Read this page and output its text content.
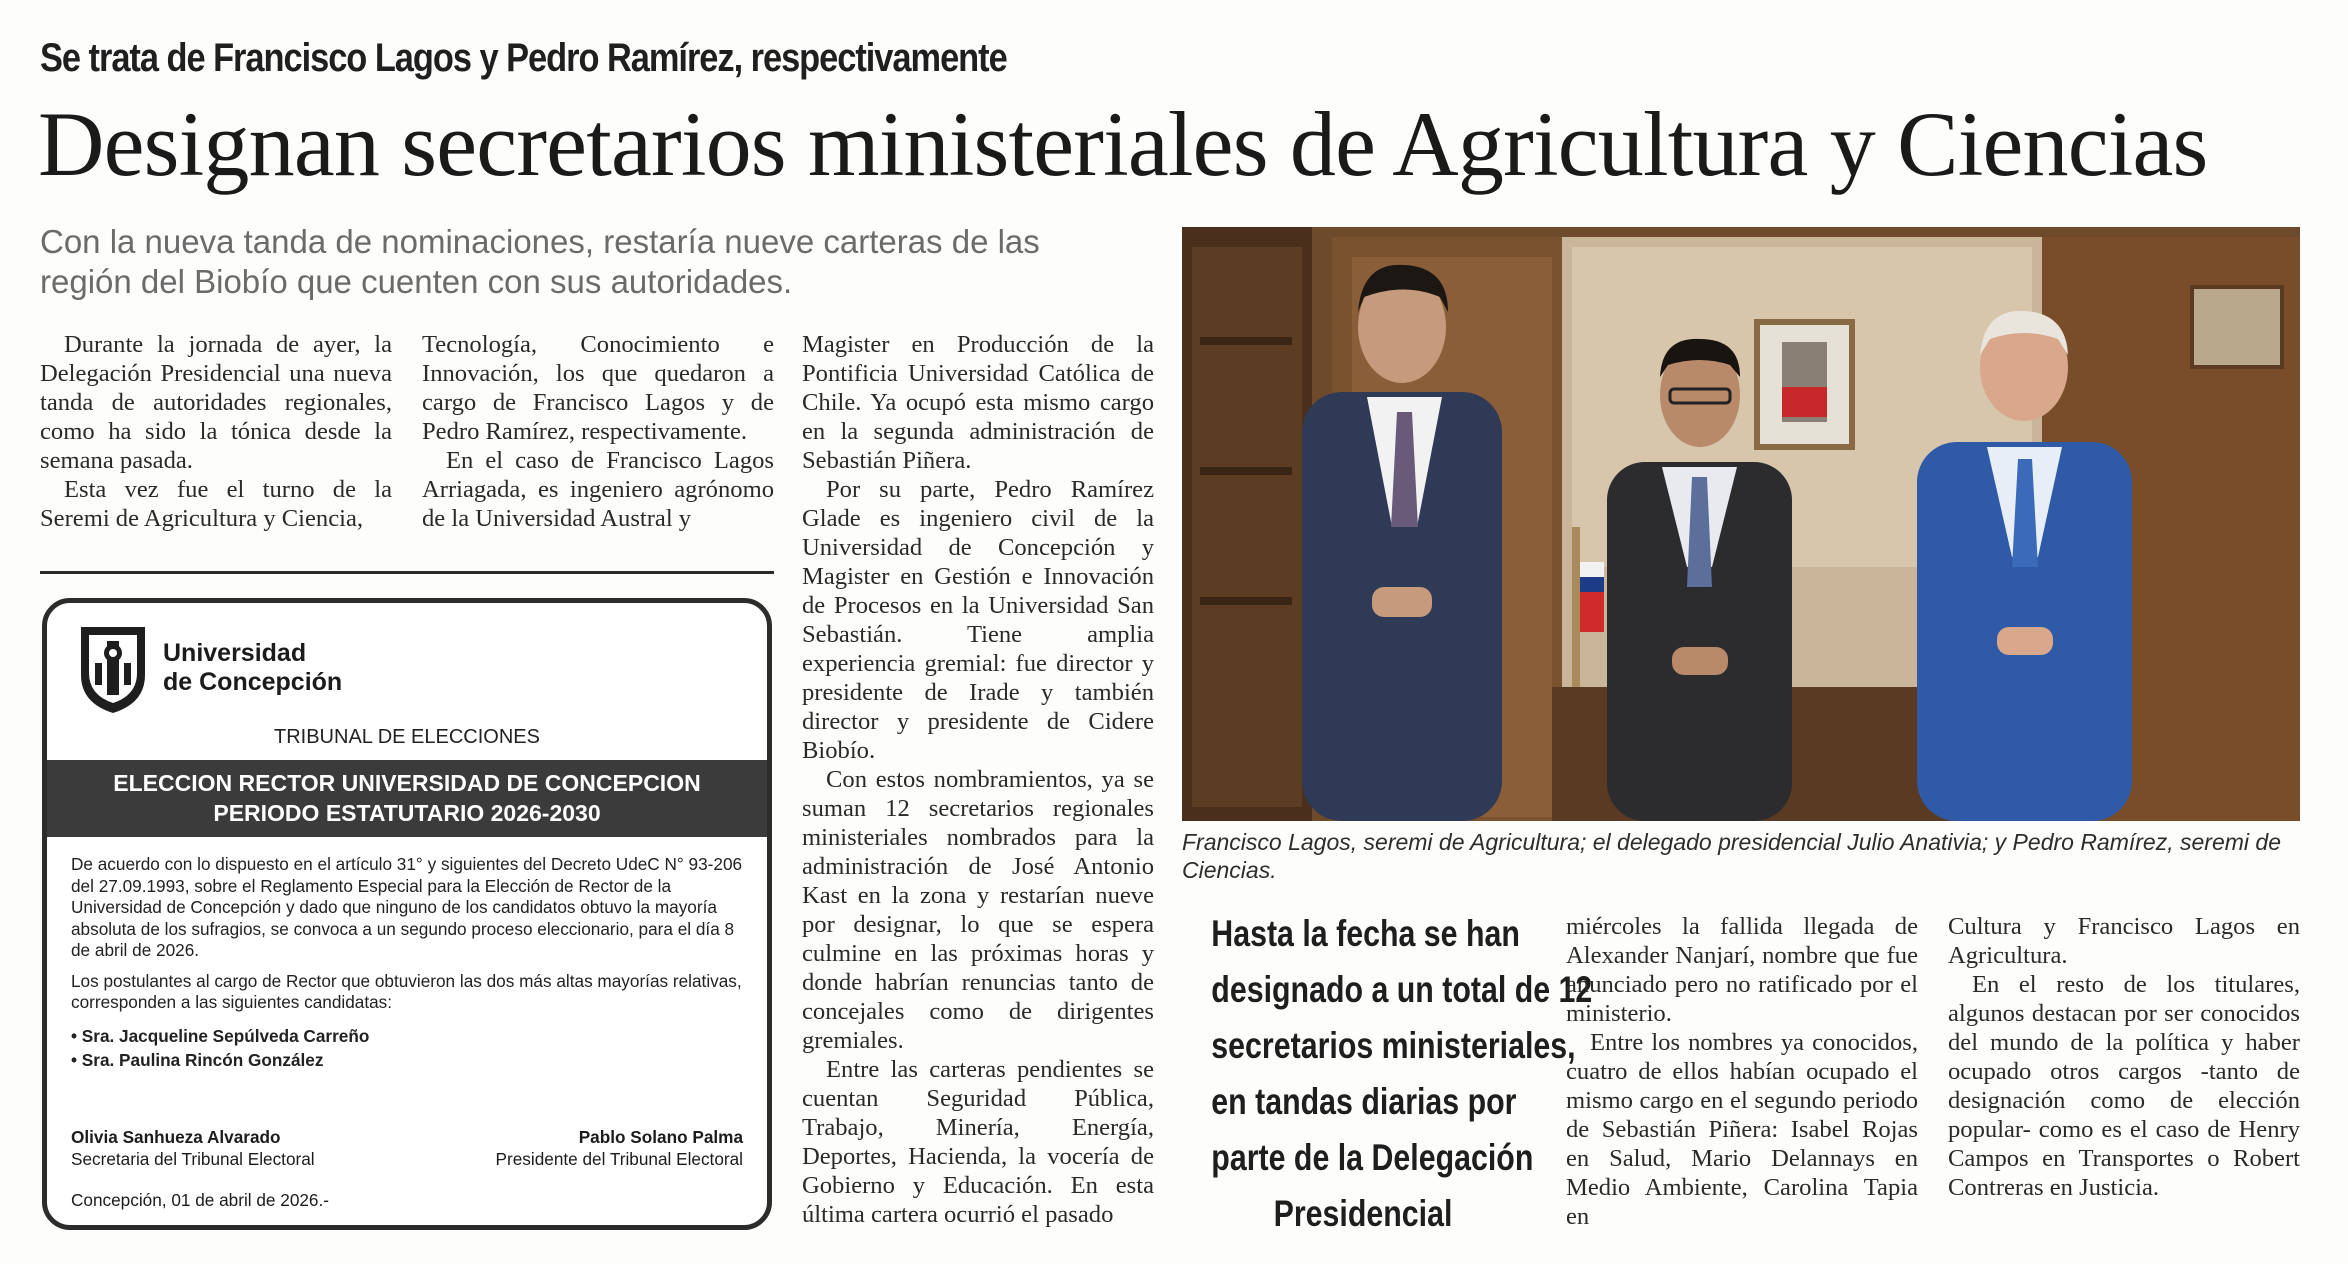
Se trata de Francisco Lagos y Pedro Ramírez, respectivamente
Designan secretarios ministeriales de Agricultura y Ciencias
Con la nueva tanda de nominaciones, restaría nueve carteras de las región del Biobío que cuenten con sus autoridades.

Durante la jornada de ayer, la Delegación Presidencial una nueva tanda de autoridades regionales, como ha sido la tónica desde la semana pasada.

Esta vez fue el turno de la Seremi de Agricultura y Ciencia,

Tecnología, Conocimiento e Innovación, los que quedaron a cargo de Francisco Lagos y de Pedro Ramírez, respectivamente.

En el caso de Francisco Lagos Arriagada, es ingeniero agrónomo de la Universidad Austral y

Magister en Producción de la Pontificia Universidad Católica de Chile. Ya ocupó esta mismo cargo en la segunda administración de Sebastián Piñera.

Por su parte, Pedro Ramírez Glade es ingeniero civil de la Universidad de Concepción y Magister en Gestión e Innovación de Procesos en la Universidad San Sebastián. Tiene amplia experiencia gremial: fue director y presidente de Irade y también director y presidente de Cidere Biobío.

Con estos nombramientos, ya se suman 12 secretarios regionales ministeriales nombrados para la administración de José Antonio Kast en la zona y restarían nueve por designar, lo que se espera culmine en las próximas horas y donde habrían renuncias tanto de concejales como de dirigentes gremiales.

Entre las carteras pendientes se cuentan Seguridad Pública, Trabajo, Minería, Energía, Deportes, Hacienda, la vocería de Gobierno y Educación. En esta última cartera ocurrió el pasado

Universidad
de Concepción
TRIBUNAL DE ELECCIONES
ELECCION RECTOR UNIVERSIDAD DE CONCEPCION
PERIODO ESTATUTARIO 2026-2030

De acuerdo con lo dispuesto en el artículo 31° y siguientes del Decreto UdeC N° 93-206 del 27.09.1993, sobre el Reglamento Especial para la Elección de Rector de la Universidad de Concepción y dado que ninguno de los candidatos obtuvo la mayoría absoluta de los sufragios, se convoca a un segundo proceso eleccionario, para el día 8 de abril de 2026.

Los postulantes al cargo de Rector que obtuvieron las dos más altas mayorías relativas, corresponden a las siguientes candidatas:

• Sra. Jacqueline Sepúlveda Carreño
• Sra. Paulina Rincón González
Olivia Sanhueza Alvarado
Secretaria del Tribunal Electoral
Pablo Solano Palma
Presidente del Tribunal Electoral
Concepción, 01 de abril de 2026.-
Francisco Lagos, seremi de Agricultura; el delegado presidencial Julio Anativia; y Pedro Ramírez, seremi de Ciencias.
Hasta la fecha se han
designado a un total de 12
secretarios ministeriales,
en tandas diarias por
parte de la Delegación
Presidencial

miércoles la fallida llegada de Alexander Nanjarí, nombre que fue anunciado pero no ratificado por el ministerio.

Entre los nombres ya conocidos, cuatro de ellos habían ocupado el mismo cargo en el segundo periodo de Sebastián Piñera: Isabel Rojas en Salud, Mario Delannays en Medio Ambiente, Carolina Tapia en

Cultura y Francisco Lagos en Agricultura.

En el resto de los titulares, algunos destacan por ser conocidos del mundo de la política y haber ocupado otros cargos -tanto de designación como de elección popular- como es el caso de Henry Campos en Transportes o Robert Contreras en Justicia.
